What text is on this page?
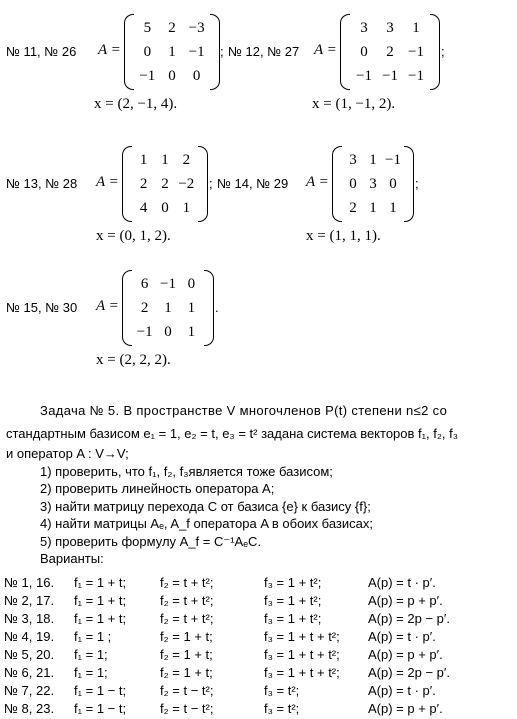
№ 11, № 26 A =
5	2 −3
0	1 −1
−1 0	0
;
x = (2, −1, 4).
№ 12, № 27 A =
3	3	1
0	2 −1
−1 −1 −1
;
x = (1, −1, 2).
№ 13, № 28 A =
1 1 2
2 2 −2
4 0 1
;
x = (0, 1, 2).
№ 14, № 29 A =
3 1 −1
0 3 0
2 1 1
;
x = (1, 1, 1).
№ 15, № 30 A =
6 −1 0
2	1	1
−1 0	1
.
x = (2, 2, 2).
Задача № 5. В пространстве V многочленов P(t) степени n≤2 со
стандартным базисом e₁ = 1, e₂ = t, e₃ = t² задана система векторов f₁, f₂, f₃
и оператор A : V→V;
1) проверить, что f₁, f₂, f₃является тоже базисом;
2) проверить линейность оператора A;
3) найти матрицу перехода C от базиса {e} к базису {f};
4) найти матрицы Aₑ, A_f оператора A в обоих базисах;
5) проверить формулу A_f = C⁻¹AₑC.
Варианты:
№ 1, 16.	f₁ = 1 + t;	f₂ = t + t²;	f₃ = 1 + t²;	A(p) = t · p′.
№ 2, 17.	f₁ = 1 + t;	f₂ = t + t²;	f₃ = 1 + t²;	A(p) = p + p′.
№ 3, 18.	f₁ = 1 + t;	f₂ = t + t²;	f₃ = 1 + t²;	A(p) = 2p − p′.
№ 4, 19.	f₁ = 1 ;	f₂ = 1 + t;	f₃ = 1 + t + t²;	A(p) = t · p′.
№ 5, 20.	f₁ = 1;	f₂ = 1 + t;	f₃ = 1 + t + t²;	A(p) = p + p′.
№ 6, 21.	f₁ = 1;	f₂ = 1 + t;	f₃ = 1 + t + t²;	A(p) = 2p − p′.
№ 7, 22.	f₁ = 1 − t;	f₂ = t − t²;	f₃ = t²;	A(p) = t · p′.
№ 8, 23.	f₁ = 1 − t;	f₂ = t − t²;	f₃ = t²;	A(p) = p + p′.
